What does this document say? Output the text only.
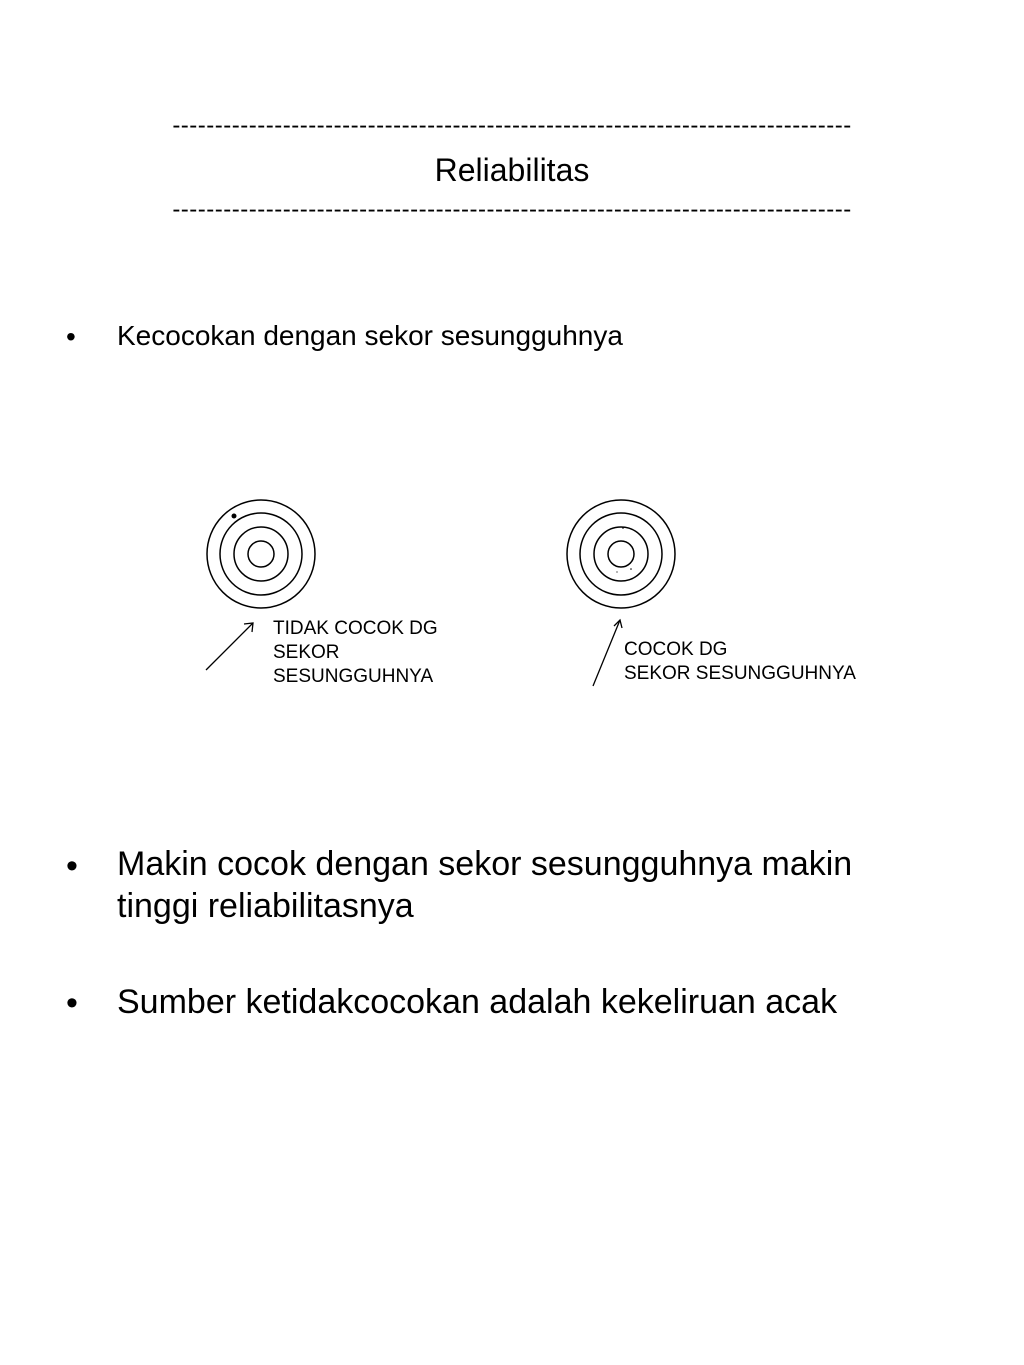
--------------------------------------------------------------------------------
Reliabilitas
--------------------------------------------------------------------------------
• Kecocokan dengan sekor sesungguhnya
TIDAK COCOK DG
SEKOR
SESUNGGUHNYA
COCOK DG
SEKOR SESUNGGUHNYA
• Makin cocok dengan sekor sesungguhnya makin tinggi reliabilitasnya
• Sumber ketidakcocokan adalah kekeliruan acak
